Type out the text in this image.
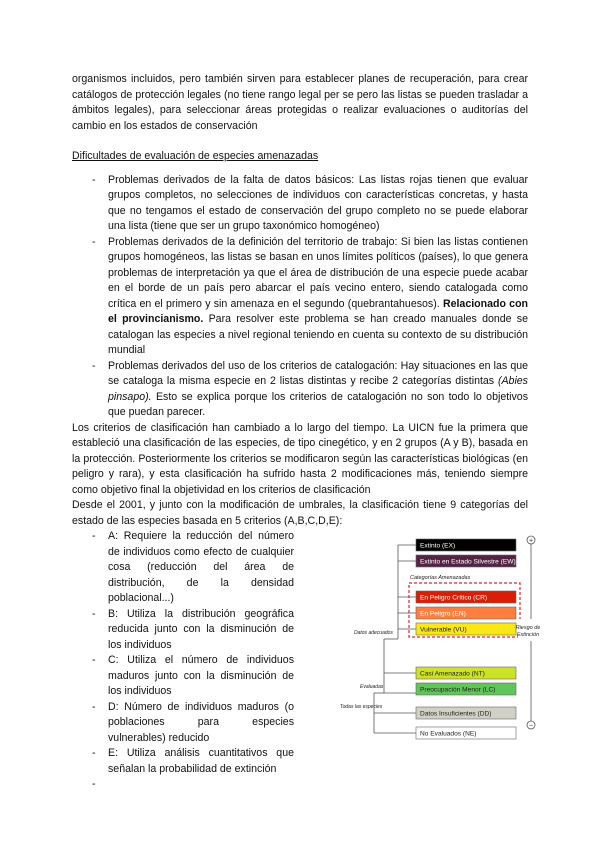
organismos incluidos, pero también sirven para establecer planes de recuperación, para crear catálogos de protección legales (no tiene rango legal per se pero las listas se pueden trasladar a ámbitos legales), para seleccionar áreas protegidas o realizar evaluaciones o auditorías del cambio en los estados de conservación

Dificultades de evaluación de especies amenazadas

- Problemas derivados de la falta de datos básicos: Las listas rojas tienen que evaluar grupos completos, no selecciones de individuos con características concretas, y hasta que no tengamos el estado de conservación del grupo completo no se puede elaborar una lista (tiene que ser un grupo taxonómico homogéneo)
- Problemas derivados de la definición del territorio de trabajo: Si bien las listas contienen grupos homogéneos, las listas se basan en unos límites políticos (países), lo que genera problemas de interpretación ya que el área de distribución de una especie puede acabar en el borde de un país pero abarcar el país vecino entero, siendo catalogada como crítica en el primero y sin amenaza en el segundo (quebrantahuesos). Relacionado con el provincianismo. Para resolver este problema se han creado manuales donde se catalogan las especies a nivel regional teniendo en cuenta su contexto de su distribución mundial
- Problemas derivados del uso de los criterios de catalogación: Hay situaciones en las que se cataloga la misma especie en 2 listas distintas y recibe 2 categorías distintas (Abies pinsapo). Esto se explica porque los criterios de catalogación no son todo lo objetivos que puedan parecer.

Los criterios de clasificación han cambiado a lo largo del tiempo. La UICN fue la primera que estableció una clasificación de las especies, de tipo cinegético, y en 2 grupos (A y B), basada en la protección. Posteriormente los criterios se modificaron según las características biológicas (en peligro y rara), y esta clasificación ha sufrido hasta 2 modificaciones más, teniendo siempre como objetivo final la objetividad en los criterios de clasificación

Desde el 2001, y junto con la modificación de umbrales, la clasificación tiene 9 categorías del estado de las especies basada en 5 criterios (A,B,C,D,E):

- A: Requiere la reducción del número de individuos como efecto de cualquier cosa (reducción del área de distribución, de la densidad poblacional...)
- B: Utiliza la distribución geográfica reducida junto con la disminución de los individuos
- C: Utiliza el número de individuos maduros junto con la disminución de los individuos
- D: Número de individuos maduros (o poblaciones para especies vulnerables) reducido
- E: Utiliza análisis cuantitativos que señalan la probabilidad de extinción
-
Categorías Amenazadas
Datos adecuados
Evaluadas
Todas las especies
Extinto (EX)
Extinto en Estado Silvestre (EW)
En Peligro Crítico (CR)
En Peligro (EN)
Vulnerable (VU)
Casi Amenazado (NT)
Preocupación Menor (LC)
Datos Insuficientes (DD)
No Evaluados (NE)
+
−
Riesgo de Extinción
